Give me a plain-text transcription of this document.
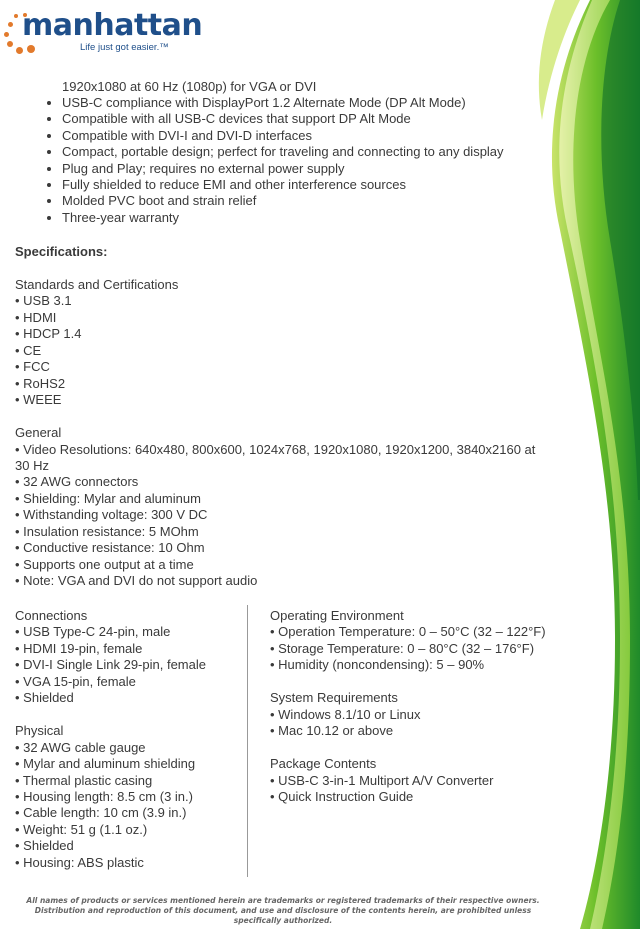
manhattan
Life just got easier.™
1920x1080 at 60 Hz (1080p) for VGA or DVI
• USB-C compliance with DisplayPort 1.2 Alternate Mode (DP Alt Mode)
• Compatible with all USB-C devices that support DP Alt Mode
• Compatible with DVI-I and DVI-D interfaces
• Compact, portable design; perfect for traveling and connecting to any display
• Plug and Play; requires no external power supply
• Fully shielded to reduce EMI and other interference sources
• Molded PVC boot and strain relief
• Three-year warranty
Specifications:
Standards and Certifications
• USB 3.1
• HDMI
• HDCP 1.4
• CE
• FCC
• RoHS2
• WEEE
General
• Video Resolutions: 640x480, 800x600, 1024x768, 1920x1080, 1920x1200, 3840x2160 at
30 Hz
• 32 AWG connectors
• Shielding: Mylar and aluminum
• Withstanding voltage: 300 V DC
• Insulation resistance: 5 MOhm
• Conductive resistance: 10 Ohm
• Supports one output at a time
• Note: VGA and DVI do not support audio
Connections
• USB Type-C 24-pin, male
• HDMI 19-pin, female
• DVI-I Single Link 29-pin, female
• VGA 15-pin, female
• Shielded
Physical
• 32 AWG cable gauge
• Mylar and aluminum shielding
• Thermal plastic casing
• Housing length: 8.5 cm (3 in.)
• Cable length: 10 cm (3.9 in.)
• Weight: 51 g (1.1 oz.)
• Shielded
• Housing: ABS plastic
Operating Environment
• Operation Temperature: 0 – 50°C (32 – 122°F)
• Storage Temperature: 0 – 80°C (32 – 176°F)
• Humidity (noncondensing): 5 – 90%
System Requirements
• Windows 8.1/10 or Linux
• Mac 10.12 or above
Package Contents
• USB-C 3-in-1 Multiport A/V Converter
• Quick Instruction Guide
All names of products or services mentioned herein are trademarks or registered trademarks of their respective owners. Distribution and reproduction of this document, and use and disclosure of the contents herein, are prohibited unless specifically authorized.
